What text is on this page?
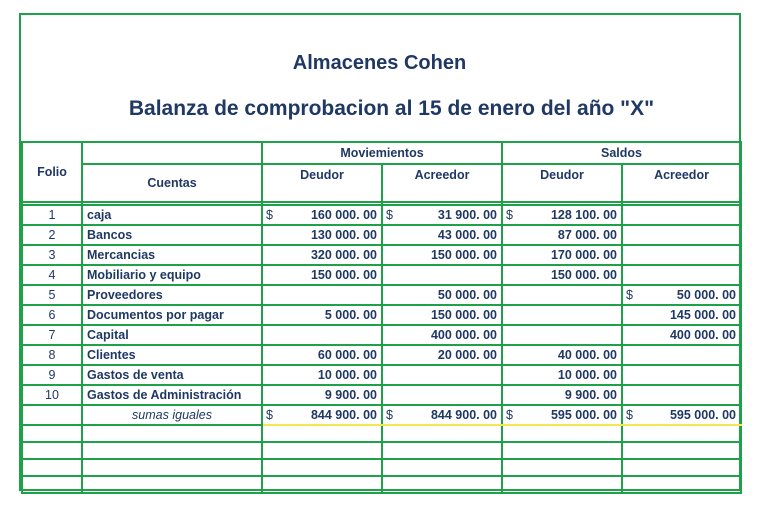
Almacenes Cohen
Balanza de comprobacion al 15 de enero del año "X"
Folio		Moviemientos		Saldos	
	Cuentas	Deudor	Acreedor	Deudor	Acreedor

1	caja	$ 160 000. 00	$ 31 900. 00	$ 128 100. 00	
2	Bancos	130 000. 00	43 000. 00	87 000. 00	
3	Mercancias	320 000. 00	150 000. 00	170 000. 00	
4	Mobiliario y equipo	150 000. 00		150 000. 00	
5	Proveedores		50 000. 00		$ 50 000. 00
6	Documentos por pagar	5 000. 00	150 000. 00		145 000. 00
7	Capital		400 000. 00		400 000. 00
8	Clientes	60 000. 00	20 000. 00	40 000. 00	
9	Gastos de venta	10 000. 00		10 000. 00	
10	Gastos de Administración	9 900. 00		9 900. 00	
	sumas iguales	$ 844 900. 00	$ 844 900. 00	$ 595 000. 00	$ 595 000. 00
